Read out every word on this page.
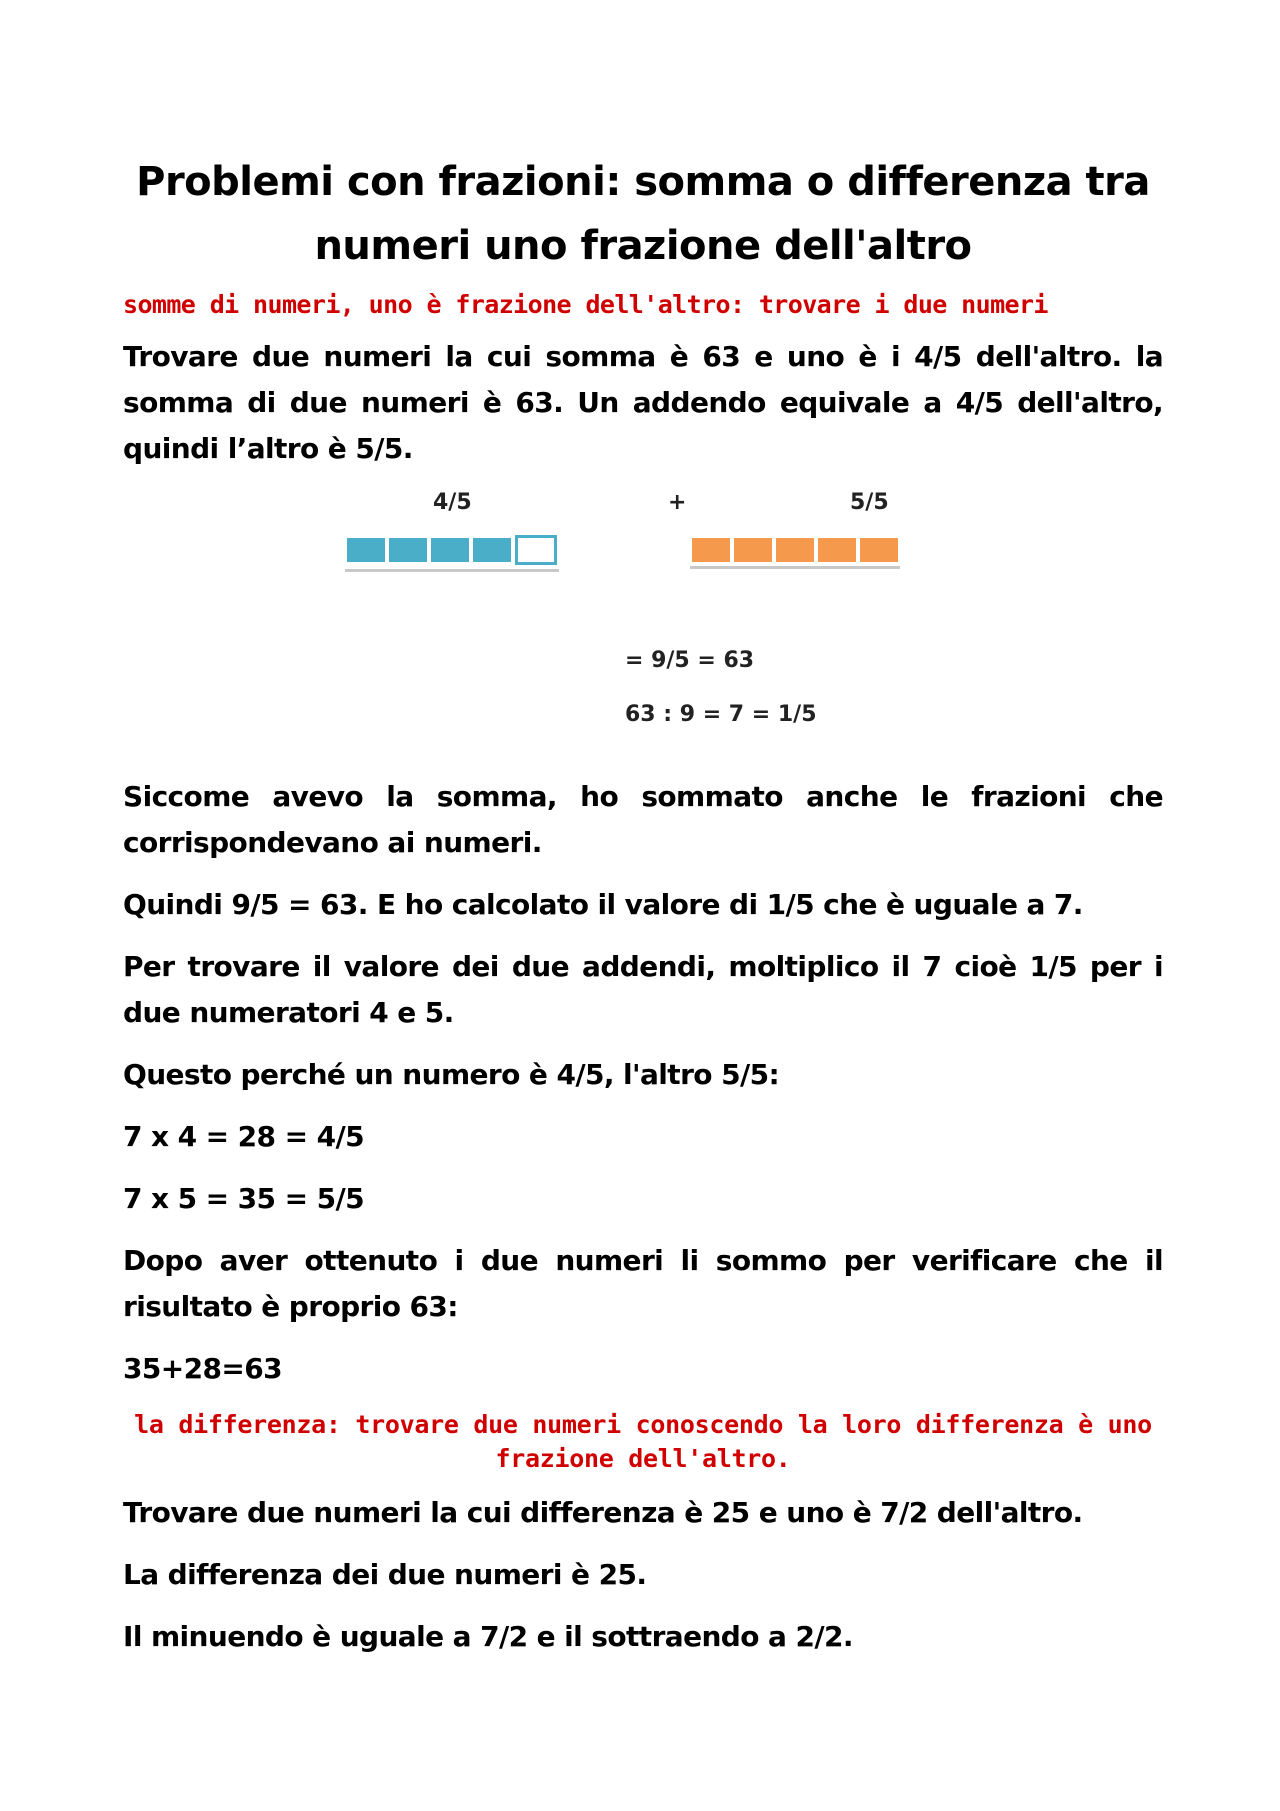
Problemi con frazioni: somma o differenza tra numeri uno frazione dell'altro
somme di numeri, uno è frazione dell'altro: trovare i due numeri

Trovare due numeri la cui somma è 63 e uno è i 4/5 dell'altro. la somma di due numeri è 63. Un addendo equivale a 4/5 dell'altro, quindi l’altro è 5/5.

4/5	+	5/5
= 9/5 = 63
63 : 9 = 7 = 1/5

Siccome avevo la somma, ho sommato anche le frazioni che corrispondevano ai numeri.

Quindi 9/5 = 63. E ho calcolato il valore di 1/5 che è uguale a 7.

Per trovare il valore dei due addendi, moltiplico il 7 cioè 1/5 per i due numeratori 4 e 5.

Questo perché un numero è 4/5, l'altro 5/5:

7 x 4 = 28 = 4/5

7 x 5 = 35 = 5/5

Dopo aver ottenuto i due numeri li sommo per verificare che il risultato è proprio 63:

35+28=63

la differenza: trovare due numeri conoscendo la loro differenza è uno frazione dell'altro.

Trovare due numeri la cui differenza è 25 e uno è 7/2 dell'altro.

La differenza dei due numeri è 25.

Il minuendo è uguale a 7/2 e il sottraendo a 2/2.
